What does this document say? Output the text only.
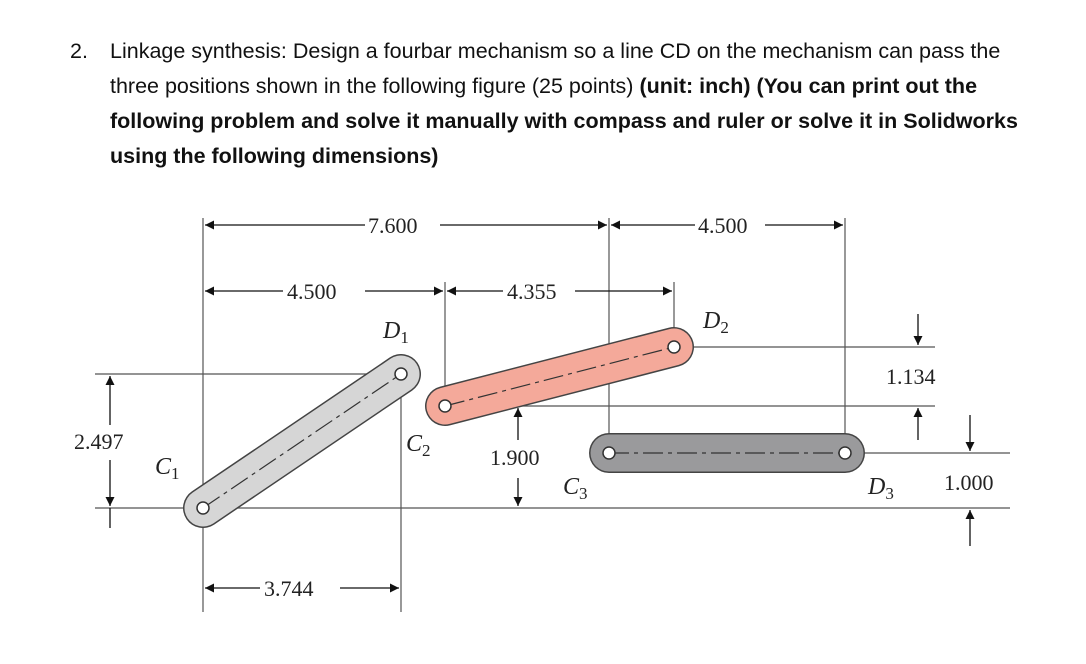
2. Linkage synthesis: Design a fourbar mechanism so a line CD on the mechanism can pass the three positions shown in the following figure (25 points) (unit: inch) (You can print out the following problem and solve it manually with compass and ruler or solve it in Solidworks using the following dimensions)
7.600	4.500
4.500	4.355
3.744
2.497
1.900
1.134
1.000
$C_1$
$D_1$
$C_2$
$D_2$
$C_3$	$D_3$
